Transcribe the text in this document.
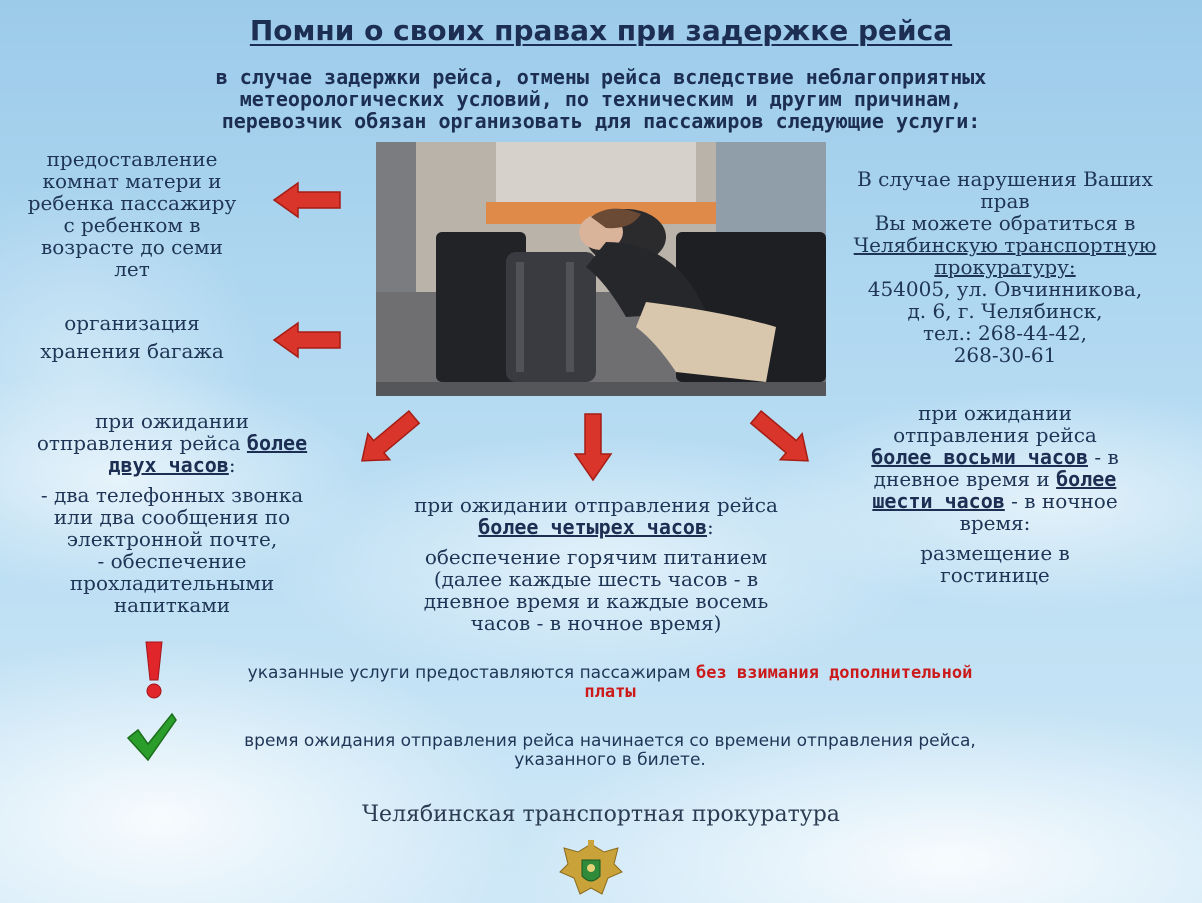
Помни о своих правах при задержке рейса
в случае задержки рейса, отмены рейса вследствие неблагоприятных
метеорологических условий, по техническим и другим причинам,
перевозчик обязан организовать для пассажиров следующие услуги:
предоставление
комнат матери и
ребенка пассажиру
с ребенком в
возрасте до семи
лет
организация
хранения багажа
В случае нарушения Ваших
прав
Вы можете обратиться в
Челябинскую транспортную
прокуратуру:
454005, ул. Овчинникова,
д. 6, г. Челябинск,
тел.: 268-44-42,
268-30-61
при ожидании
отправления рейса более
двух часов:
- два телефонных звонка
или два сообщения по
электронной почте,
- обеспечение
прохладительными
напитками
при ожидании отправления рейса
более четырех часов:
обеспечение горячим питанием
(далее каждые шесть часов - в
дневное время и каждые восемь
часов - в ночное время)
при ожидании
отправления рейса
более восьми часов - в
дневное время и более
шести часов - в ночное
время:
размещение в
гостинице
указанные услуги предоставляются пассажирам без взимания дополнительной
платы
время ожидания отправления рейса начинается со времени отправления рейса,
указанного в билете.
Челябинская транспортная прокуратура
